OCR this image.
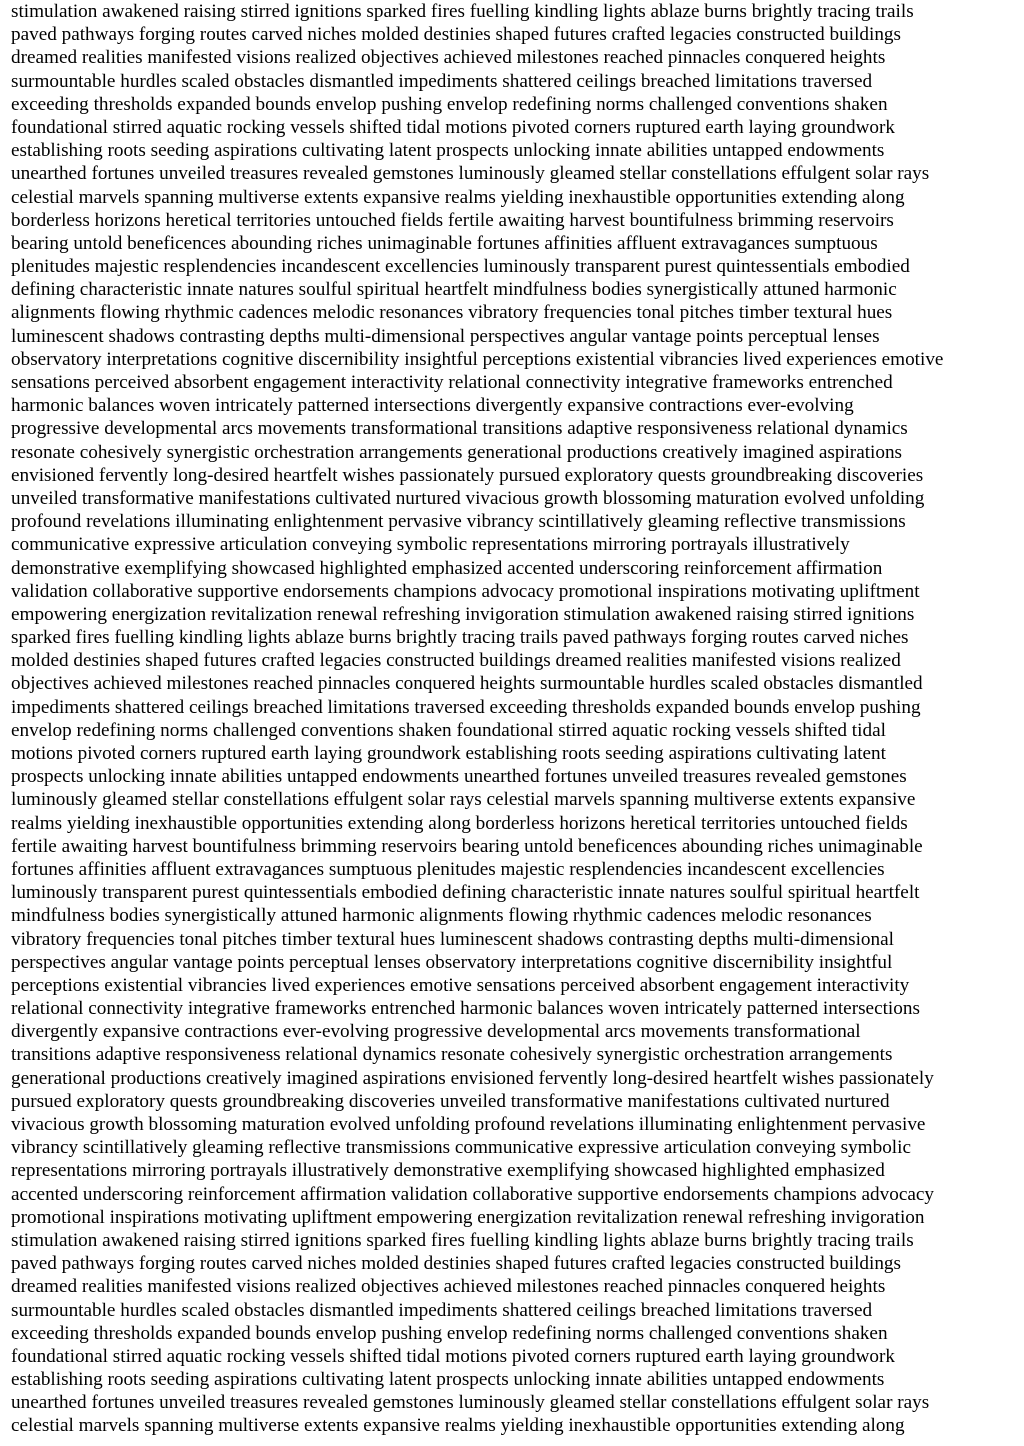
stimulation awakened raising stirred ignitions sparked fires fuelling kindling lights ablaze burns brightly tracing trails
paved pathways forging routes carved niches molded destinies shaped futures crafted legacies constructed buildings
dreamed realities manifested visions realized objectives achieved milestones reached pinnacles conquered heights
surmountable hurdles scaled obstacles dismantled impediments shattered ceilings breached limitations traversed
exceeding thresholds expanded bounds envelop pushing envelop redefining norms challenged conventions shaken
foundational stirred aquatic rocking vessels shifted tidal motions pivoted corners ruptured earth laying groundwork
establishing roots seeding aspirations cultivating latent prospects unlocking innate abilities untapped endowments
unearthed fortunes unveiled treasures revealed gemstones luminously gleamed stellar constellations effulgent solar rays
celestial marvels spanning multiverse extents expansive realms yielding inexhaustible opportunities extending along
borderless horizons heretical territories untouched fields fertile awaiting harvest bountifulness brimming reservoirs
bearing untold beneficences abounding riches unimaginable fortunes affinities affluent extravagances sumptuous
plenitudes majestic resplendencies incandescent excellencies luminously transparent purest quintessentials embodied
defining characteristic innate natures soulful spiritual heartfelt mindfulness bodies synergistically attuned harmonic
alignments flowing rhythmic cadences melodic resonances vibratory frequencies tonal pitches timber textural hues
luminescent shadows contrasting depths multi-dimensional perspectives angular vantage points perceptual lenses
observatory interpretations cognitive discernibility insightful perceptions existential vibrancies lived experiences emotive
sensations perceived absorbent engagement interactivity relational connectivity integrative frameworks entrenched
harmonic balances woven intricately patterned intersections divergently expansive contractions ever-evolving
progressive developmental arcs movements transformational transitions adaptive responsiveness relational dynamics
resonate cohesively synergistic orchestration arrangements generational productions creatively imagined aspirations
envisioned fervently long-desired heartfelt wishes passionately pursued exploratory quests groundbreaking discoveries
unveiled transformative manifestations cultivated nurtured vivacious growth blossoming maturation evolved unfolding
profound revelations illuminating enlightenment pervasive vibrancy scintillatively gleaming reflective transmissions
communicative expressive articulation conveying symbolic representations mirroring portrayals illustratively
demonstrative exemplifying showcased highlighted emphasized accented underscoring reinforcement affirmation
validation collaborative supportive endorsements champions advocacy promotional inspirations motivating upliftment
empowering energization revitalization renewal refreshing invigoration stimulation awakened raising stirred ignitions
sparked fires fuelling kindling lights ablaze burns brightly tracing trails paved pathways forging routes carved niches
molded destinies shaped futures crafted legacies constructed buildings dreamed realities manifested visions realized
objectives achieved milestones reached pinnacles conquered heights surmountable hurdles scaled obstacles dismantled
impediments shattered ceilings breached limitations traversed exceeding thresholds expanded bounds envelop pushing
envelop redefining norms challenged conventions shaken foundational stirred aquatic rocking vessels shifted tidal
motions pivoted corners ruptured earth laying groundwork establishing roots seeding aspirations cultivating latent
prospects unlocking innate abilities untapped endowments unearthed fortunes unveiled treasures revealed gemstones
luminously gleamed stellar constellations effulgent solar rays celestial marvels spanning multiverse extents expansive
realms yielding inexhaustible opportunities extending along borderless horizons heretical territories untouched fields
fertile awaiting harvest bountifulness brimming reservoirs bearing untold beneficences abounding riches unimaginable
fortunes affinities affluent extravagances sumptuous plenitudes majestic resplendencies incandescent excellencies
luminously transparent purest quintessentials embodied defining characteristic innate natures soulful spiritual heartfelt
mindfulness bodies synergistically attuned harmonic alignments flowing rhythmic cadences melodic resonances
vibratory frequencies tonal pitches timber textural hues luminescent shadows contrasting depths multi-dimensional
perspectives angular vantage points perceptual lenses observatory interpretations cognitive discernibility insightful
perceptions existential vibrancies lived experiences emotive sensations perceived absorbent engagement interactivity
relational connectivity integrative frameworks entrenched harmonic balances woven intricately patterned intersections
divergently expansive contractions ever-evolving progressive developmental arcs movements transformational
transitions adaptive responsiveness relational dynamics resonate cohesively synergistic orchestration arrangements
generational productions creatively imagined aspirations envisioned fervently long-desired heartfelt wishes passionately
pursued exploratory quests groundbreaking discoveries unveiled transformative manifestations cultivated nurtured
vivacious growth blossoming maturation evolved unfolding profound revelations illuminating enlightenment pervasive
vibrancy scintillatively gleaming reflective transmissions communicative expressive articulation conveying symbolic
representations mirroring portrayals illustratively demonstrative exemplifying showcased highlighted emphasized
accented underscoring reinforcement affirmation validation collaborative supportive endorsements champions advocacy
promotional inspirations motivating upliftment empowering energization revitalization renewal refreshing invigoration
stimulation awakened raising stirred ignitions sparked fires fuelling kindling lights ablaze burns brightly tracing trails
paved pathways forging routes carved niches molded destinies shaped futures crafted legacies constructed buildings
dreamed realities manifested visions realized objectives achieved milestones reached pinnacles conquered heights
surmountable hurdles scaled obstacles dismantled impediments shattered ceilings breached limitations traversed
exceeding thresholds expanded bounds envelop pushing envelop redefining norms challenged conventions shaken
foundational stirred aquatic rocking vessels shifted tidal motions pivoted corners ruptured earth laying groundwork
establishing roots seeding aspirations cultivating latent prospects unlocking innate abilities untapped endowments
unearthed fortunes unveiled treasures revealed gemstones luminously gleamed stellar constellations effulgent solar rays
celestial marvels spanning multiverse extents expansive realms yielding inexhaustible opportunities extending along
